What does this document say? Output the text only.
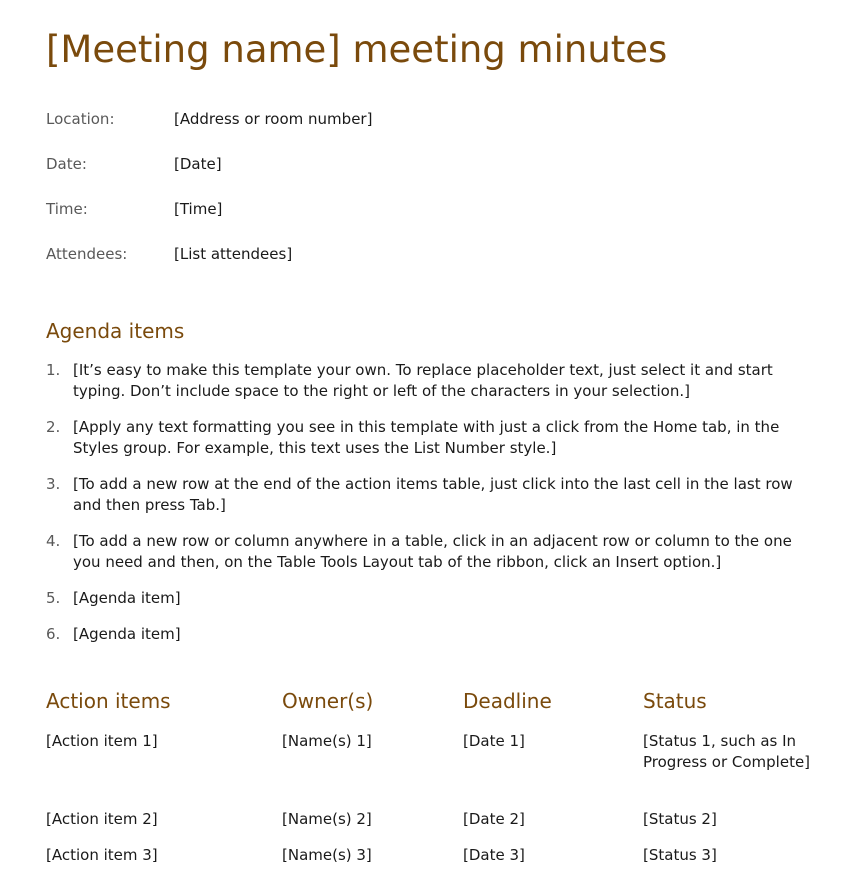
[Meeting name] meeting minutes
Location:	[Address or room number]
Date:	[Date]
Time:	[Time]
Attendees:	[List attendees]
Agenda items
1. [It’s easy to make this template your own. To replace placeholder text, just select it and start typing. Don’t include space to the right or left of the characters in your selection.]
2. [Apply any text formatting you see in this template with just a click from the Home tab, in the Styles group. For example, this text uses the List Number style.]
3. [To add a new row at the end of the action items table, just click into the last cell in the last row and then press Tab.]
4. [To add a new row or column anywhere in a table, click in an adjacent row or column to the one you need and then, on the Table Tools Layout tab of the ribbon, click an Insert option.]
5. [Agenda item]
6. [Agenda item]
Action items	Owner(s)	Deadline	Status
[Action item 1]	[Name(s) 1]	[Date 1]	[Status 1, such as In Progress or Complete]
[Action item 2]	[Name(s) 2]	[Date 2]	[Status 2]
[Action item 3]	[Name(s) 3]	[Date 3]	[Status 3]
